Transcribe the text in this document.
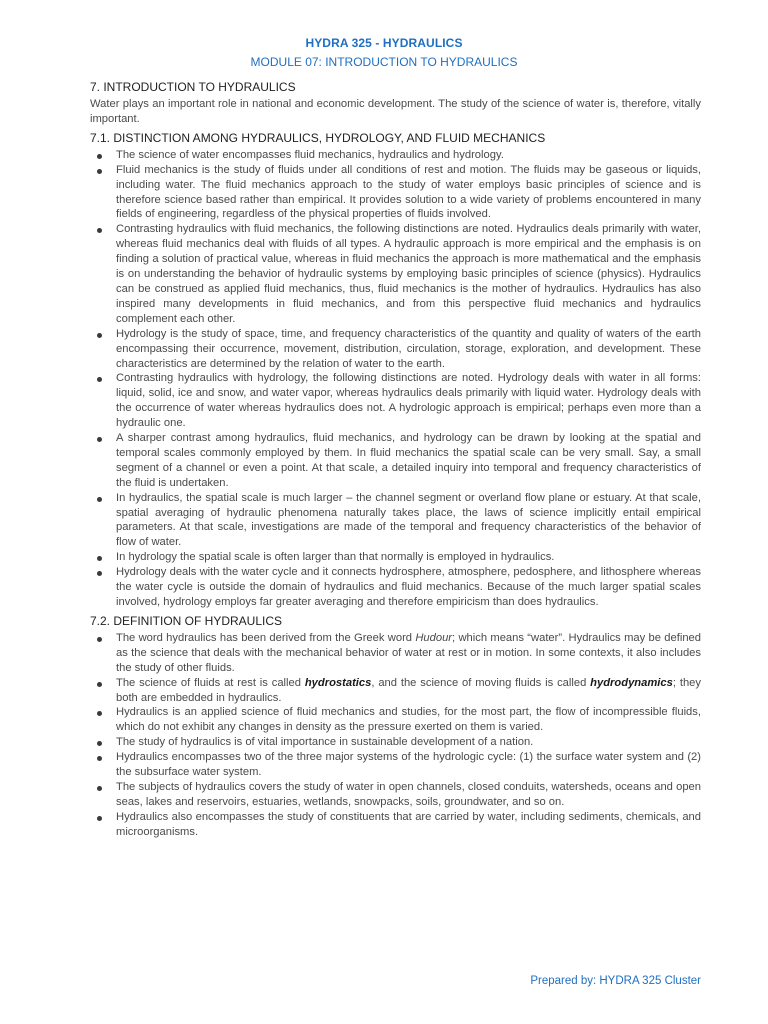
HYDRA 325 - HYDRAULICS
MODULE 07: INTRODUCTION TO HYDRAULICS
7. INTRODUCTION TO HYDRAULICS
Water plays an important role in national and economic development. The study of the science of water is, therefore, vitally important.
7.1. DISTINCTION AMONG HYDRAULICS, HYDROLOGY, AND FLUID MECHANICS
The science of water encompasses fluid mechanics, hydraulics and hydrology.
Fluid mechanics is the study of fluids under all conditions of rest and motion. The fluids may be gaseous or liquids, including water. The fluid mechanics approach to the study of water employs basic principles of science and is therefore science based rather than empirical. It provides solution to a wide variety of problems encountered in many fields of engineering, regardless of the physical properties of fluids involved.
Contrasting hydraulics with fluid mechanics, the following distinctions are noted. Hydraulics deals primarily with water, whereas fluid mechanics deal with fluids of all types. A hydraulic approach is more empirical and the emphasis is on finding a solution of practical value, whereas in fluid mechanics the approach is more mathematical and the emphasis is on understanding the behavior of hydraulic systems by employing basic principles of science (physics). Hydraulics can be construed as applied fluid mechanics, thus, fluid mechanics is the mother of hydraulics. Hydraulics has also inspired many developments in fluid mechanics, and from this perspective fluid mechanics and hydraulics complement each other.
Hydrology is the study of space, time, and frequency characteristics of the quantity and quality of waters of the earth encompassing their occurrence, movement, distribution, circulation, storage, exploration, and development. These characteristics are determined by the relation of water to the earth.
Contrasting hydraulics with hydrology, the following distinctions are noted. Hydrology deals with water in all forms: liquid, solid, ice and snow, and water vapor, whereas hydraulics deals primarily with liquid water. Hydrology deals with the occurrence of water whereas hydraulics does not. A hydrologic approach is empirical; perhaps even more than a hydraulic one.
A sharper contrast among hydraulics, fluid mechanics, and hydrology can be drawn by looking at the spatial and temporal scales commonly employed by them. In fluid mechanics the spatial scale can be very small. Say, a small segment of a channel or even a point. At that scale, a detailed inquiry into temporal and frequency characteristics of the fluid is undertaken.
In hydraulics, the spatial scale is much larger – the channel segment or overland flow plane or estuary. At that scale, spatial averaging of hydraulic phenomena naturally takes place, the laws of science implicitly entail empirical parameters. At that scale, investigations are made of the temporal and frequency characteristics of the behavior of flow of water.
In hydrology the spatial scale is often larger than that normally is employed in hydraulics.
Hydrology deals with the water cycle and it connects hydrosphere, atmosphere, pedosphere, and lithosphere whereas the water cycle is outside the domain of hydraulics and fluid mechanics. Because of the much larger spatial scales involved, hydrology employs far greater averaging and therefore empiricism than does hydraulics.
7.2. DEFINITION OF HYDRAULICS
The word hydraulics has been derived from the Greek word Hudour; which means “water”. Hydraulics may be defined as the science that deals with the mechanical behavior of water at rest or in motion. In some contexts, it also includes the study of other fluids.
The science of fluids at rest is called hydrostatics, and the science of moving fluids is called hydrodynamics; they both are embedded in hydraulics.
Hydraulics is an applied science of fluid mechanics and studies, for the most part, the flow of incompressible fluids, which do not exhibit any changes in density as the pressure exerted on them is varied.
The study of hydraulics is of vital importance in sustainable development of a nation.
Hydraulics encompasses two of the three major systems of the hydrologic cycle: (1) the surface water system and (2) the subsurface water system.
The subjects of hydraulics covers the study of water in open channels, closed conduits, watersheds, oceans and open seas, lakes and reservoirs, estuaries, wetlands, snowpacks, soils, groundwater, and so on.
Hydraulics also encompasses the study of constituents that are carried by water, including sediments, chemicals, and microorganisms.
Prepared by: HYDRA 325 Cluster
